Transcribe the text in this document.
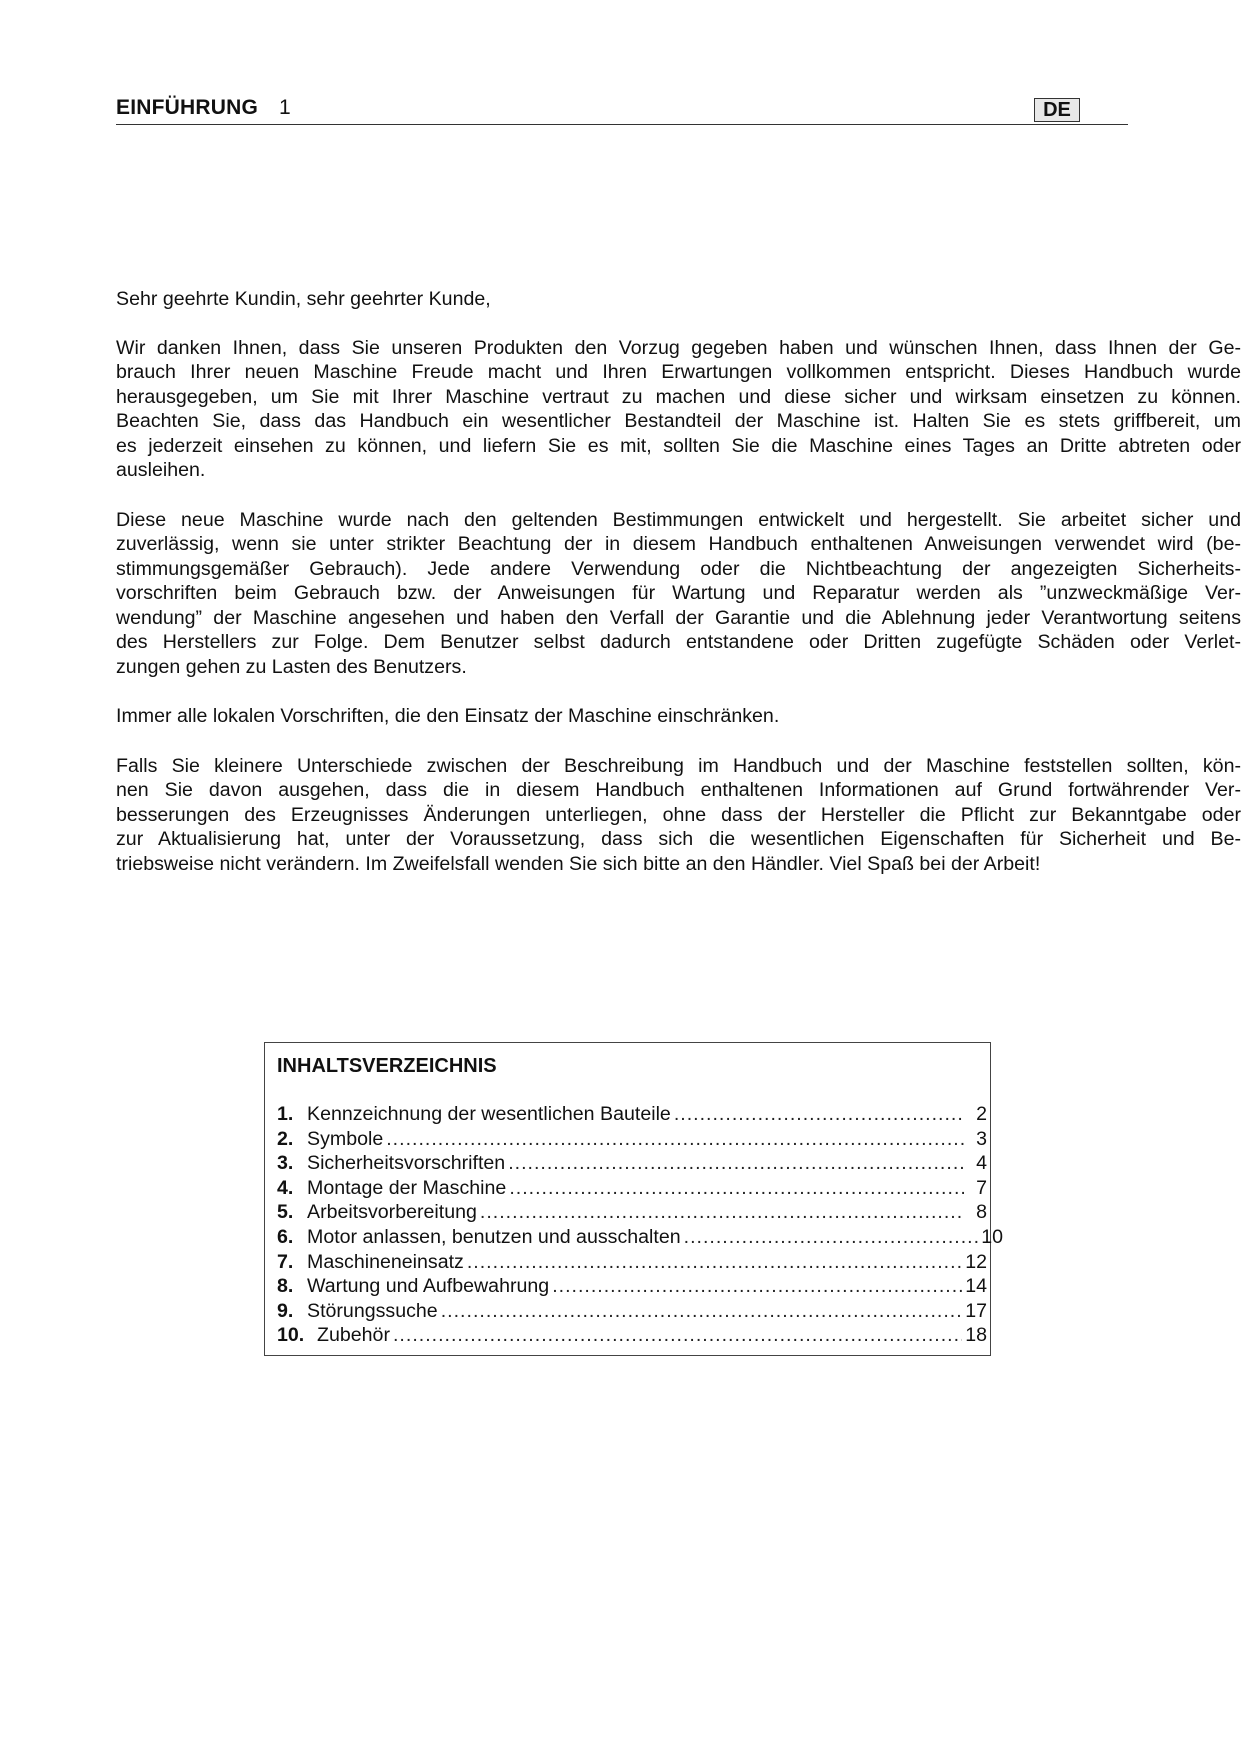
EINFÜHRUNG 1	DE
Sehr geehrte Kundin, sehr geehrter Kunde,
Wir danken Ihnen, dass Sie unseren Produkten den Vorzug gegeben haben und wünschen Ihnen, dass Ihnen der Ge-
brauch Ihrer neuen Maschine Freude macht und Ihren Erwartungen vollkommen entspricht. Dieses Handbuch wurde
herausgegeben, um Sie mit Ihrer Maschine vertraut zu machen und diese sicher und wirksam einsetzen zu können.
Beachten Sie, dass das Handbuch ein wesentlicher Bestandteil der Maschine ist. Halten Sie es stets griffbereit, um
es jederzeit einsehen zu können, und liefern Sie es mit, sollten Sie die Maschine eines Tages an Dritte abtreten oder
ausleihen.
Diese neue Maschine wurde nach den geltenden Bestimmungen entwickelt und hergestellt. Sie arbeitet sicher und
zuverlässig, wenn sie unter strikter Beachtung der in diesem Handbuch enthaltenen Anweisungen verwendet wird (be-
stimmungsgemäßer Gebrauch). Jede andere Verwendung oder die Nichtbeachtung der angezeigten Sicherheits-
vorschriften beim Gebrauch bzw. der Anweisungen für Wartung und Reparatur werden als ”unzweckmäßige Ver-
wendung” der Maschine angesehen und haben den Verfall der Garantie und die Ablehnung jeder Verantwortung seitens
des Herstellers zur Folge. Dem Benutzer selbst dadurch entstandene oder Dritten zugefügte Schäden oder Verlet-
zungen gehen zu Lasten des Benutzers.
Immer alle lokalen Vorschriften, die den Einsatz der Maschine einschränken.
Falls Sie kleinere Unterschiede zwischen der Beschreibung im Handbuch und der Maschine feststellen sollten, kön-
nen Sie davon ausgehen, dass die in diesem Handbuch enthaltenen Informationen auf Grund fortwährender Ver-
besserungen des Erzeugnisses Änderungen unterliegen, ohne dass der Hersteller die Pflicht zur Bekanntgabe oder
zur Aktualisierung hat, unter der Voraussetzung, dass sich die wesentlichen Eigenschaften für Sicherheit und Be-
triebsweise nicht verändern. Im Zweifelsfall wenden Sie sich bitte an den Händler. Viel Spaß bei der Arbeit!
INHALTSVERZEICHNIS
1. Kennzeichnung der wesentlichen Bauteile .....	2
2. Symbole .....	3
3. Sicherheitsvorschriften .....	4
4. Montage der Maschine .....	7
5. Arbeitsvorbereitung .....	8
6. Motor anlassen, benutzen und ausschalten .....	10
7. Maschineneinsatz .....	12
8. Wartung und Aufbewahrung .....	14
9. Störungssuche .....	17
10. Zubehör .....	18
